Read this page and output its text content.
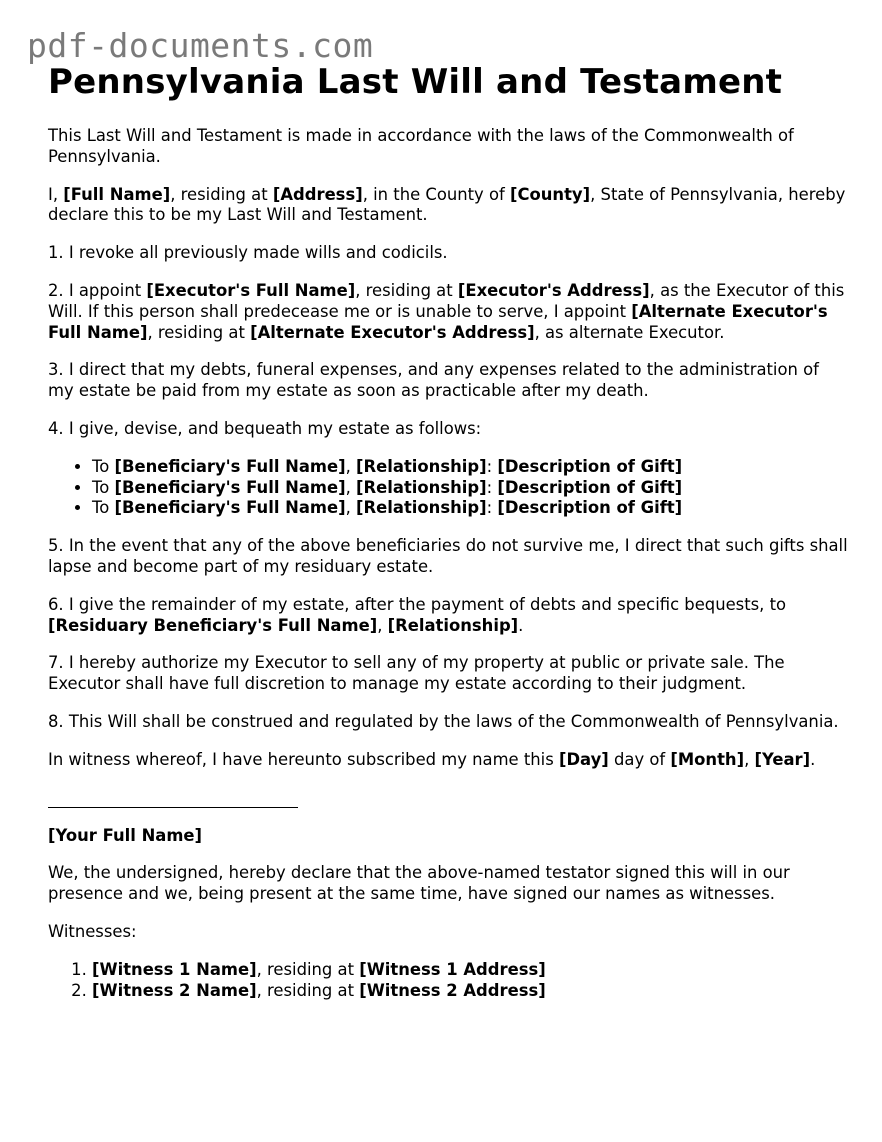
pdf-documents.com
Pennsylvania Last Will and Testament

This Last Will and Testament is made in accordance with the laws of the Commonwealth of Pennsylvania.

I, [Full Name], residing at [Address], in the County of [County], State of Pennsylvania, hereby declare this to be my Last Will and Testament.

1. I revoke all previously made wills and codicils.

2. I appoint [Executor's Full Name], residing at [Executor's Address], as the Executor of this Will. If this person shall predecease me or is unable to serve, I appoint [Alternate Executor's Full Name], residing at [Alternate Executor's Address], as alternate Executor.

3. I direct that my debts, funeral expenses, and any expenses related to the administration of my estate be paid from my estate as soon as practicable after my death.

4. I give, devise, and bequeath my estate as follows:

• To [Beneficiary's Full Name], [Relationship]: [Description of Gift]
• To [Beneficiary's Full Name], [Relationship]: [Description of Gift]
• To [Beneficiary's Full Name], [Relationship]: [Description of Gift]

5. In the event that any of the above beneficiaries do not survive me, I direct that such gifts shall lapse and become part of my residuary estate.

6. I give the remainder of my estate, after the payment of debts and specific bequests, to [Residuary Beneficiary's Full Name], [Relationship].

7. I hereby authorize my Executor to sell any of my property at public or private sale. The Executor shall have full discretion to manage my estate according to their judgment.

8. This Will shall be construed and regulated by the laws of the Commonwealth of Pennsylvania.

In witness whereof, I have hereunto subscribed my name this [Day] day of [Month], [Year].

[Your Full Name]

We, the undersigned, hereby declare that the above-named testator signed this will in our presence and we, being present at the same time, have signed our names as witnesses.

Witnesses:

1. [Witness 1 Name], residing at [Witness 1 Address]
2. [Witness 2 Name], residing at [Witness 2 Address]
